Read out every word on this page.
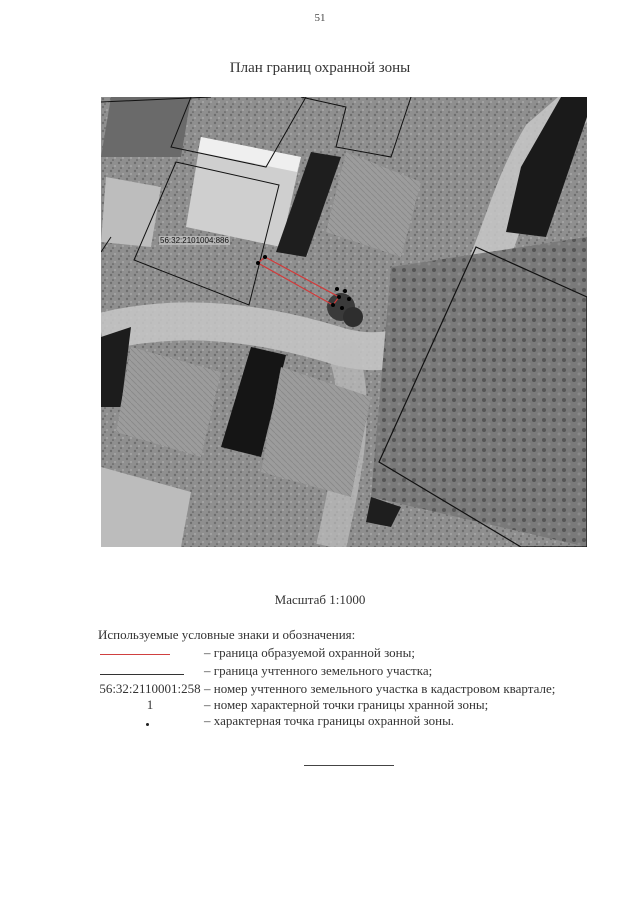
51
План границ охранной зоны
56:32:2101004:886
Масштаб 1:1000
Используемые условные знаки и обозначения:
– граница образуемой охранной зоны;
– граница учтенного земельного участка;
56:32:2110001:258 – номер учтенного земельного участка в кадастровом квартале;
1	– номер характерной точки границы хранной зоны;
– характерная точка границы охранной зоны.
